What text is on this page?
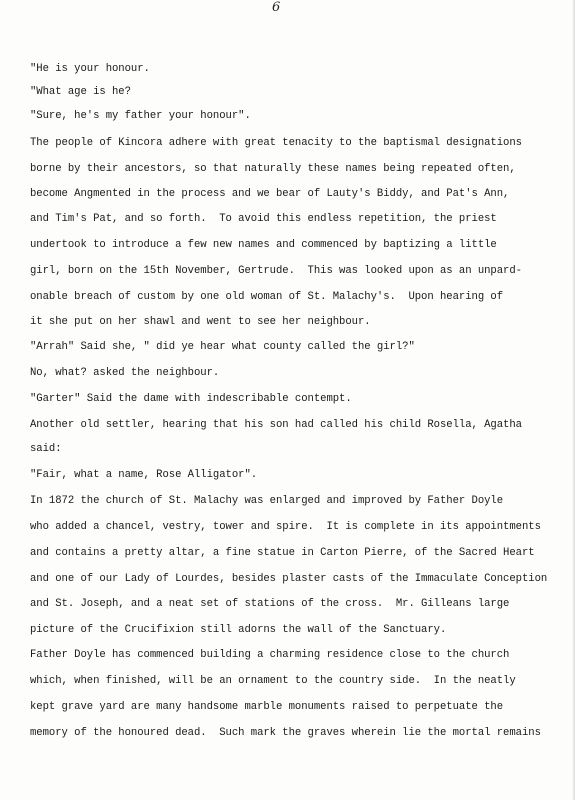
6
"He is your honour.
"What age is he?
"Sure, he's my father your honour".
The people of Kincora adhere with great tenacity to the baptismal designations
borne by their ancestors, so that naturally these names being repeated often,
become Angmented in the process and we bear of Lauty's Biddy, and Pat's Ann,
and Tim's Pat, and so forth.  To avoid this endless repetition, the priest
undertook to introduce a few new names and commenced by baptizing a little
girl, born on the 15th November, Gertrude.  This was looked upon as an unpard-
onable breach of custom by one old woman of St. Malachy's.  Upon hearing of
it she put on her shawl and went to see her neighbour.
"Arrah" Said she, " did ye hear what county called the girl?"
No, what? asked the neighbour.
"Garter" Said the dame with indescribable contempt.
Another old settler, hearing that his son had called his child Rosella, Agatha
said:
"Fair, what a name, Rose Alligator".
In 1872 the church of St. Malachy was enlarged and improved by Father Doyle
who added a chancel, vestry, tower and spire.  It is complete in its appointments
and contains a pretty altar, a fine statue in Carton Pierre, of the Sacred Heart
and one of our Lady of Lourdes, besides plaster casts of the Immaculate Conception
and St. Joseph, and a neat set of stations of the cross.  Mr. Gilleans large
picture of the Crucifixion still adorns the wall of the Sanctuary.
Father Doyle has commenced building a charming residence close to the church
which, when finished, will be an ornament to the country side.  In the neatly
kept grave yard are many handsome marble monuments raised to perpetuate the
memory of the honoured dead.  Such mark the graves wherein lie the mortal remains
